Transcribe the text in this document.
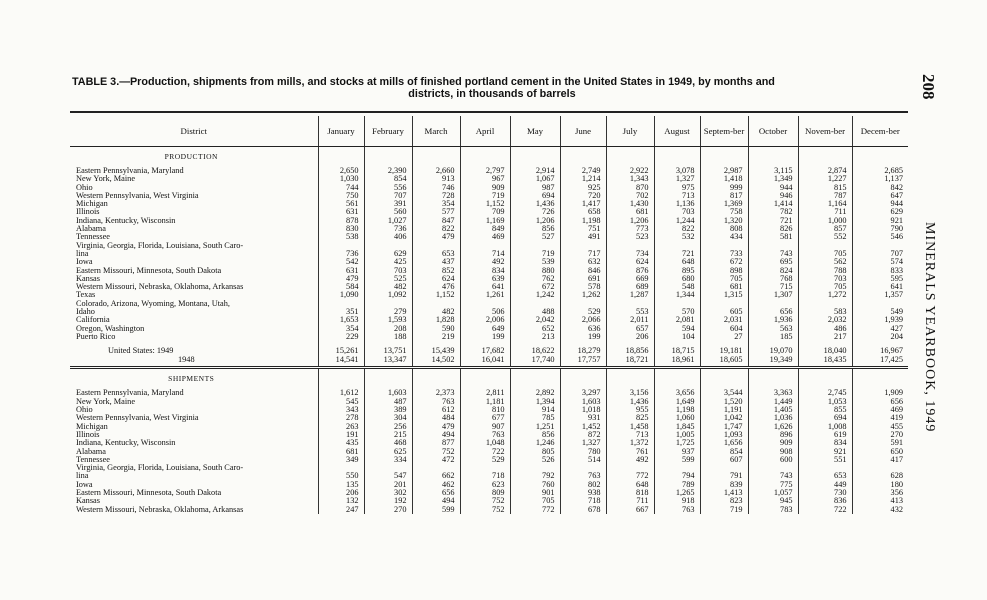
208
MINERALS YEARBOOK, 1949
TABLE 3.—Production, shipments from mills, and stocks at mills of finished portland cement in the United States in 1949, by months and
districts, in thousands of barrels
District	January	February	March	April	May	June	July	August	Septem-ber	October	Novem-ber	Decem-ber
PRODUCTION												
Eastern Pennsylvania, Maryland	2,650	2,390	2,660	2,797	2,914	2,749	2,922	3,078	2,987	3,115	2,874	2,685
New York, Maine	1,030	854	913	967	1,067	1,214	1,343	1,327	1,418	1,349	1,227	1,137
Ohio	744	556	746	909	987	925	870	975	999	944	815	842
Western Pennsylvania, West Virginia	750	707	728	719	694	720	702	713	817	946	787	647
Michigan	561	391	354	1,152	1,436	1,417	1,430	1,136	1,369	1,414	1,164	944
Illinois	631	560	577	709	726	658	681	703	758	782	711	629
Indiana, Kentucky, Wisconsin	878	1,027	847	1,169	1,206	1,198	1,206	1,244	1,320	721	1,000	921
Alabama	830	736	822	849	856	751	773	822	808	826	857	790
Tennessee	538	406	479	469	527	491	523	532	434	581	552	546
Virginia, Georgia, Florida, Louisiana, South Caro-												
lina	736	629	653	714	719	717	734	721	733	743	705	707
Iowa	542	425	437	492	539	632	624	648	672	695	562	574
Eastern Missouri, Minnesota, South Dakota	631	703	852	834	880	846	876	895	898	824	788	833
Kansas	479	525	624	639	762	691	669	680	705	768	703	595
Western Missouri, Nebraska, Oklahoma, Arkansas	584	482	476	641	672	578	689	548	681	715	705	641
Texas	1,090	1,092	1,152	1,261	1,242	1,262	1,287	1,344	1,315	1,307	1,272	1,357
Colorado, Arizona, Wyoming, Montana, Utah,												
Idaho	351	279	482	506	488	529	553	570	605	656	583	549
California	1,653	1,593	1,828	2,006	2,042	2,066	2,011	2,081	2,031	1,936	2,032	1,939
Oregon, Washington	354	208	590	649	652	636	657	594	604	563	486	427
Puerto Rico	229	188	219	199	213	199	206	104	27	185	217	204
United States: 1949	15,261	13,751	15,439	17,682	18,622	18,279	18,856	18,715	19,181	19,070	18,040	16,967
1948	14,541	13,347	14,502	16,041	17,740	17,757	18,721	18,961	18,605	19,349	18,435	17,425
SHIPMENTS												
Eastern Pennsylvania, Maryland	1,612	1,603	2,373	2,811	2,892	3,297	3,156	3,656	3,544	3,363	2,745	1,909
New York, Maine	545	487	763	1,181	1,394	1,603	1,436	1,649	1,520	1,449	1,053	656
Ohio	343	389	612	810	914	1,018	955	1,198	1,191	1,405	855	469
Western Pennsylvania, West Virginia	278	304	484	677	785	931	825	1,060	1,042	1,036	694	419
Michigan	263	256	479	907	1,251	1,452	1,458	1,845	1,747	1,626	1,008	455
Illinois	191	215	494	763	856	872	713	1,005	1,093	896	619	270
Indiana, Kentucky, Wisconsin	435	468	877	1,048	1,246	1,327	1,372	1,725	1,656	909	834	591
Alabama	681	625	752	722	805	780	761	937	854	908	921	650
Tennessee	349	334	472	529	526	514	492	599	607	600	551	417
Virginia, Georgia, Florida, Louisiana, South Caro-												
lina	550	547	662	718	792	763	772	794	791	743	653	628
Iowa	135	201	462	623	760	802	648	789	839	775	449	180
Eastern Missouri, Minnesota, South Dakota	206	302	656	809	901	938	818	1,265	1,413	1,057	730	356
Kansas	132	192	494	752	705	718	711	918	823	945	836	413
Western Missouri, Nebraska, Oklahoma, Arkansas	247	270	599	752	772	678	667	763	719	783	722	432
